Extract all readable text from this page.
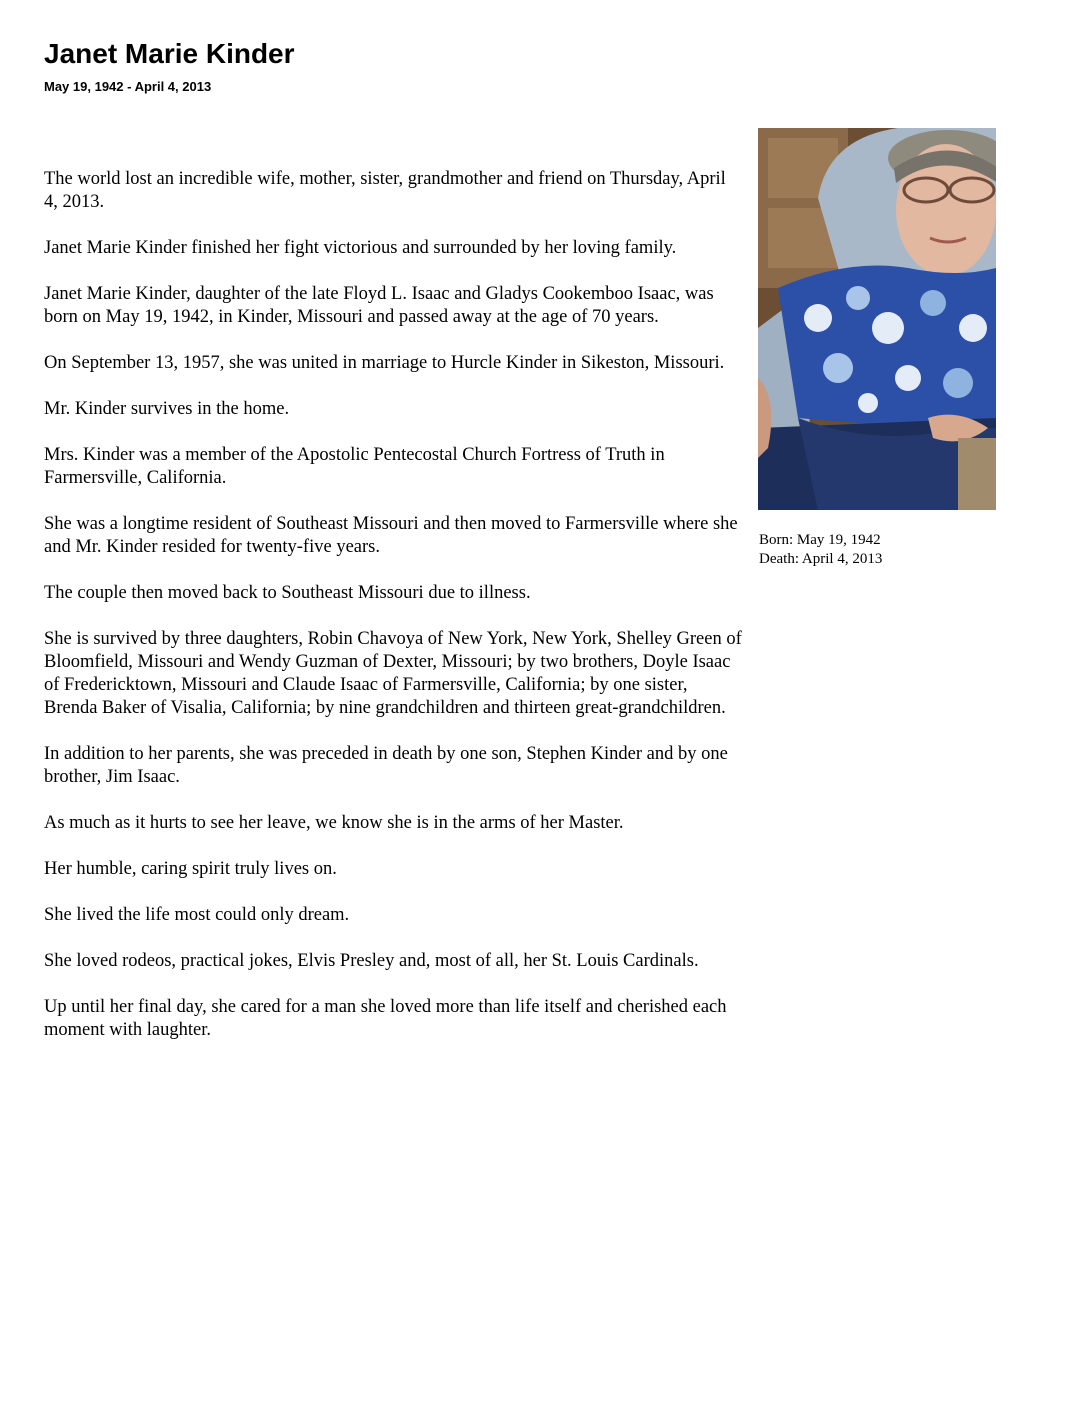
Janet Marie Kinder
May 19, 1942 - April 4, 2013

The world lost an incredible wife, mother, sister, grandmother and friend on Thursday, April 4, 2013.

Janet Marie Kinder finished her fight victorious and surrounded by her loving family.

Janet Marie Kinder, daughter of the late Floyd L. Isaac and Gladys Cookemboo Isaac, was born on May 19, 1942, in Kinder, Missouri and passed away at the age of 70 years.

On September 13, 1957, she was united in marriage to Hurcle Kinder in Sikeston, Missouri.

Mr. Kinder survives in the home.

Mrs. Kinder was a member of the Apostolic Pentecostal Church Fortress of Truth in Farmersville, California.

She was a longtime resident of Southeast Missouri and then moved to Farmersville where she and Mr. Kinder resided for twenty-five years.

The couple then moved back to Southeast Missouri due to illness.

She is survived by three daughters, Robin Chavoya of New York, New York, Shelley Green of Bloomfield, Missouri and Wendy Guzman of Dexter, Missouri; by two brothers, Doyle Isaac of Fredericktown, Missouri and Claude Isaac of Farmersville, California; by one sister, Brenda Baker of Visalia, California; by nine grandchildren and thirteen great-grandchildren.

In addition to her parents, she was preceded in death by one son, Stephen Kinder and by one brother, Jim Isaac.

As much as it hurts to see her leave, we know she is in the arms of her Master.

Her humble, caring spirit truly lives on.

She lived the life most could only dream.

She loved rodeos, practical jokes, Elvis Presley and, most of all, her St. Louis Cardinals.

Up until her final day, she cared for a man she loved more than life itself and cherished each moment with laughter.

Born: May 19, 1942
Death: April 4, 2013
